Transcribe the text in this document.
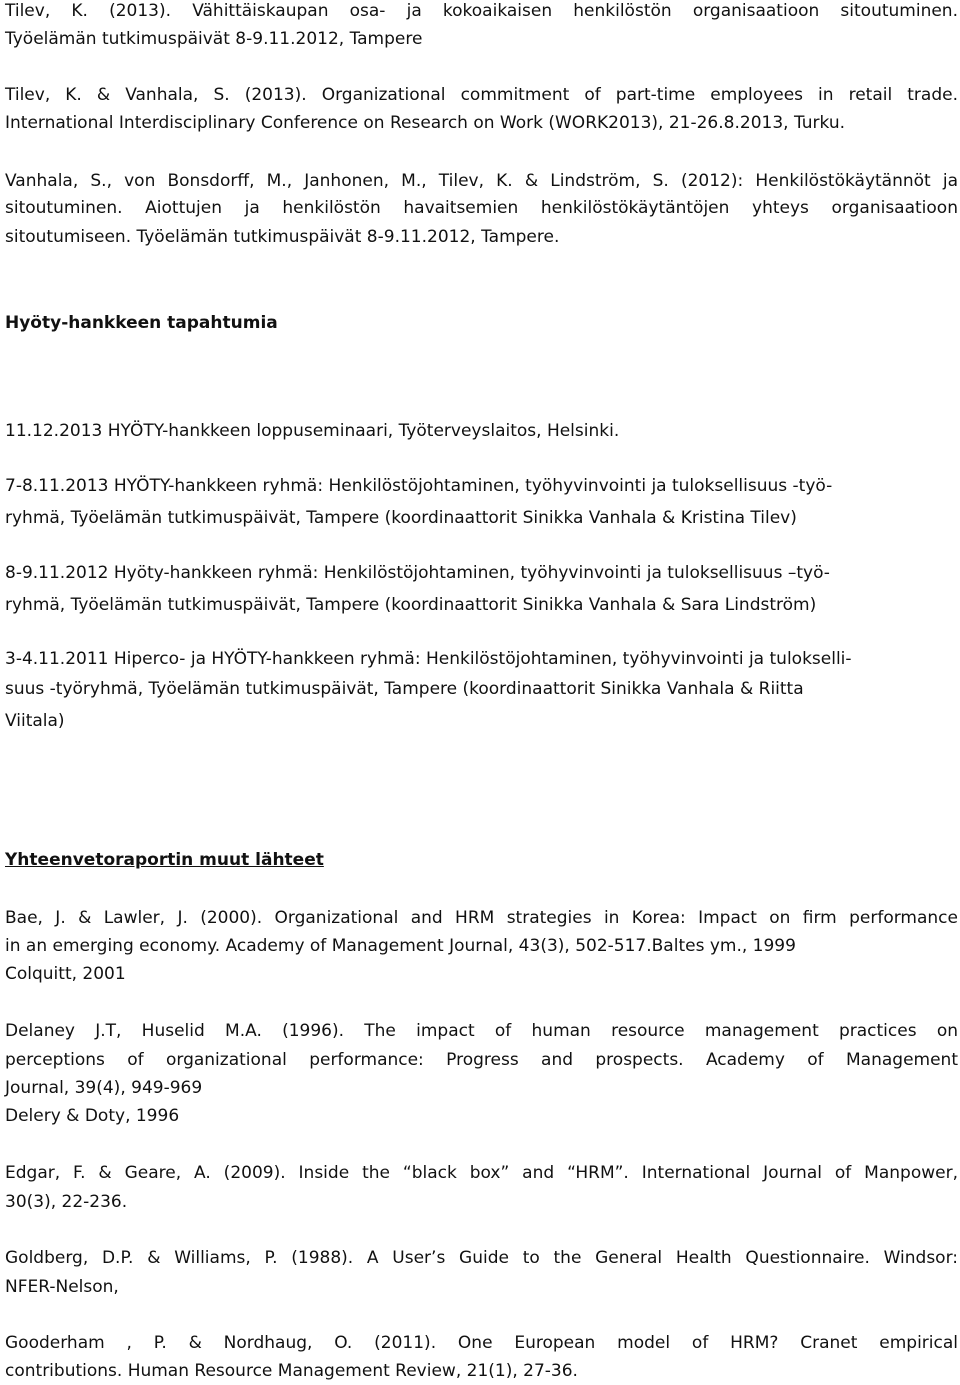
Tilev, K. (2013). Vähittäiskaupan osa- ja kokoaikaisen henkilöstön organisaatioon sitoutuminen.
Työelämän tutkimuspäivät 8-9.11.2012, Tampere
Tilev, K. & Vanhala, S. (2013). Organizational commitment of part-time employees in retail trade.
International Interdisciplinary Conference on Research on Work (WORK2013), 21-26.8.2013, Turku.
Vanhala, S., von Bonsdorff, M., Janhonen, M., Tilev, K. & Lindström, S. (2012): Henkilöstökäytännöt ja
sitoutuminen. Aiottujen ja henkilöstön havaitsemien henkilöstökäytäntöjen yhteys organisaatioon
sitoutumiseen. Työelämän tutkimuspäivät 8-9.11.2012, Tampere.
Hyöty-hankkeen tapahtumia
11.12.2013 HYÖTY-hankkeen loppuseminaari, Työterveyslaitos, Helsinki.
7-8.11.2013 HYÖTY-hankkeen ryhmä: Henkilöstöjohtaminen, työhyvinvointi ja tuloksellisuus -työ-
ryhmä, Työelämän tutkimuspäivät, Tampere (koordinaattorit Sinikka Vanhala & Kristina Tilev)
8-9.11.2012 Hyöty-hankkeen ryhmä: Henkilöstöjohtaminen, työhyvinvointi ja tuloksellisuus –työ-
ryhmä, Työelämän tutkimuspäivät, Tampere (koordinaattorit Sinikka Vanhala & Sara Lindström)
3-4.11.2011 Hiperco- ja HYÖTY-hankkeen ryhmä: Henkilöstöjohtaminen, työhyvinvointi ja tulokselli-
suus -työryhmä, Työelämän tutkimuspäivät, Tampere (koordinaattorit Sinikka Vanhala & Riitta
Viitala)
Yhteenvetoraportin muut lähteet
Bae, J. & Lawler, J. (2000). Organizational and HRM strategies in Korea: Impact on firm performance
in an emerging economy. Academy of Management Journal, 43(3), 502-517.Baltes ym., 1999
Colquitt, 2001
Delaney J.T, Huselid M.A. (1996). The impact of human resource management practices on
perceptions of organizational performance: Progress and prospects. Academy of Management
Journal, 39(4), 949-969
Delery & Doty, 1996
Edgar, F. & Geare, A. (2009). Inside the “black box” and “HRM”. International Journal of Manpower,
30(3), 22-236.
Goldberg, D.P. & Williams, P. (1988). A User’s Guide to the General Health Questionnaire. Windsor:
NFER-Nelson,
Gooderham , P. & Nordhaug, O. (2011). One European model of HRM? Cranet empirical
contributions. Human Resource Management Review, 21(1), 27-36.
